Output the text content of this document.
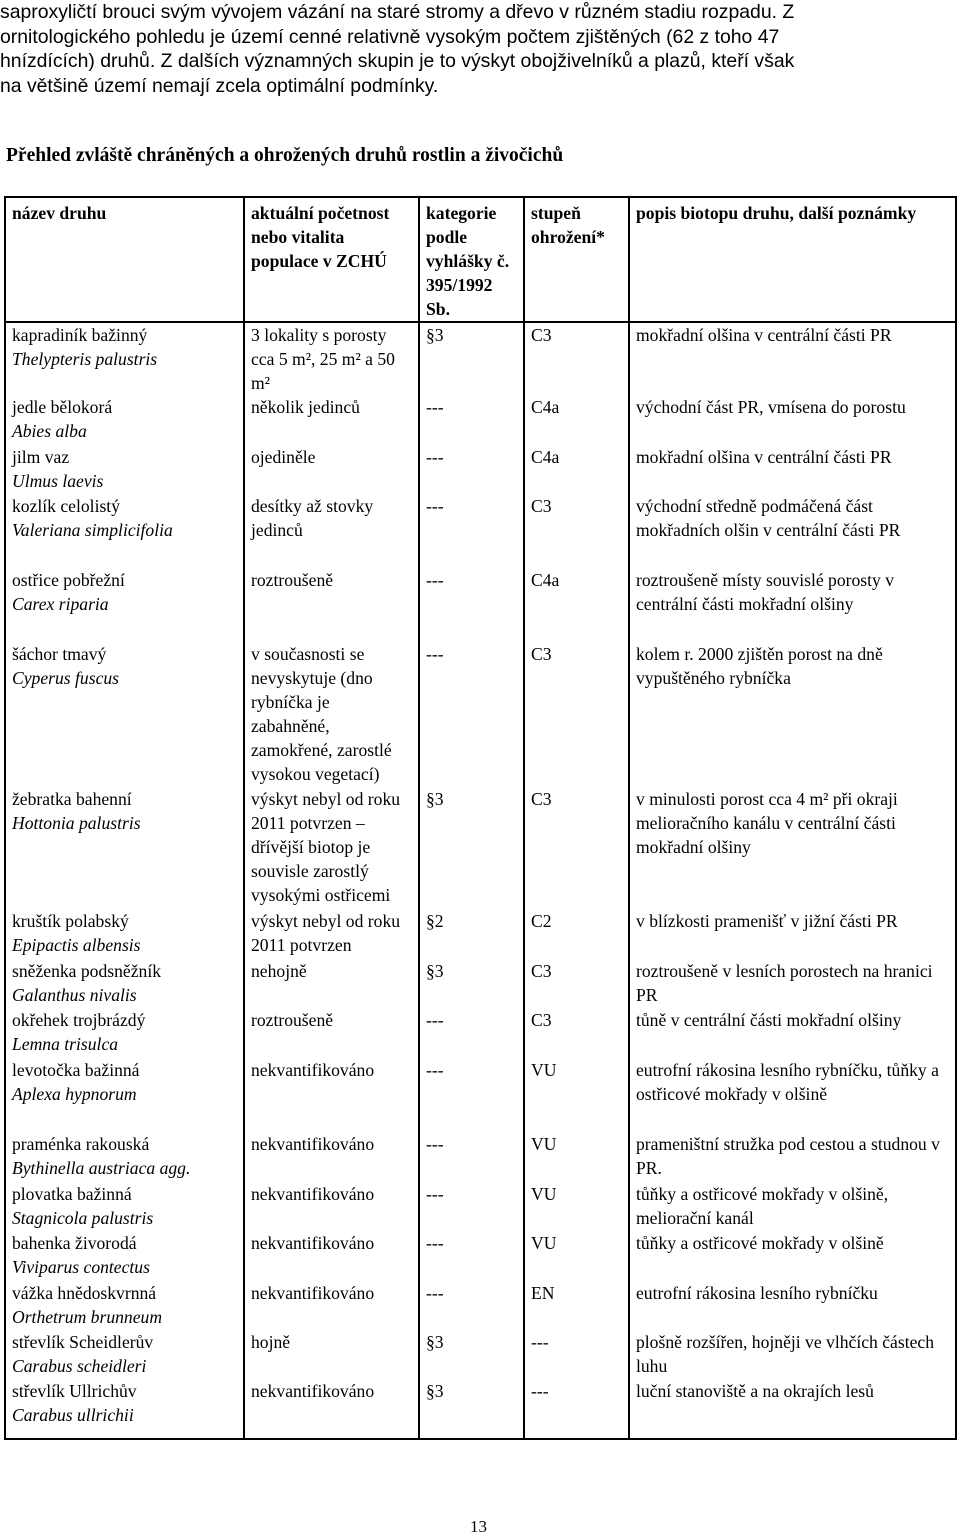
saproxyličtí brouci svým vývojem vázání na staré stromy a dřevo v různém stadiu rozpadu. Z
ornitologického pohledu je území cenné relativně vysokým počtem zjištěných (62 z toho 47
hnízdících) druhů. Z dalších významných skupin je to výskyt obojživelníků a plazů, kteří však
na většině území nemají zcela optimální podmínky.
Přehled zvláště chráněných a ohrožených druhů rostlin a živočichů
název druhu	aktuální početnost nebo vitalita populace v ZCHÚ	kategorie podle vyhlášky č. 395/1992 Sb.	stupeň ohrožení*	popis biotopu druhu, další poznámky

kapradiník bažinný
Thelypteris palustris	3 lokality s porosty cca 5 m², 25 m² a 50 m²	§3	C3	mokřadní olšina v centrální části PR

jedle bělokorá
Abies alba	několik jedinců	---	C4a	východní část PR, vmísena do porostu

jilm vaz
Ulmus laevis	ojediněle	---	C4a	mokřadní olšina v centrální části PR

kozlík celolistý
Valeriana simplicifolia	desítky až stovky jedinců	---	C3	východní středně podmáčená část mokřadních olšin v centrální části PR

ostřice pobřežní
Carex riparia	roztroušeně	---	C4a	roztroušeně místy souvislé porosty v centrální části mokřadní olšiny

šáchor tmavý
Cyperus fuscus	v současnosti se nevyskytuje (dno rybníčka je zabahněné, zamokřené, zarostlé vysokou vegetací)	---	C3	kolem r. 2000 zjištěn porost na dně vypuštěného rybníčka

žebratka bahenní
Hottonia palustris	výskyt nebyl od roku 2011 potvrzen – dřívější biotop je souvisle zarostlý vysokými ostřicemi	§3	C3	v minulosti porost cca 4 m² při okraji melioračního kanálu v centrální části mokřadní olšiny

kruštík polabský
Epipactis albensis	výskyt nebyl od roku 2011 potvrzen	§2	C2	v blízkosti pramenišť v jižní části PR

sněženka podsněžník
Galanthus nivalis	nehojně	§3	C3	roztroušeně v lesních porostech na hranici PR

okřehek trojbrázdý
Lemna trisulca	roztroušeně	---	C3	tůně v centrální části mokřadní olšiny

levotočka bažinná
Aplexa hypnorum	nekvantifikováno	---	VU	eutrofní rákosina lesního rybníčku, tůňky a ostřicové mokřady v olšině

praménka rakouská
Bythinella austriaca agg.	nekvantifikováno	---	VU	prameništní stružka pod cestou a studnou v PR.

plovatka bažinná
Stagnicola palustris	nekvantifikováno	---	VU	tůňky a ostřicové mokřady v olšině, meliorační kanál

bahenka živorodá
Viviparus contectus	nekvantifikováno	---	VU	tůňky a ostřicové mokřady v olšině

vážka hnědoskvrnná
Orthetrum brunneum	nekvantifikováno	---	EN	eutrofní rákosina lesního rybníčku

střevlík Scheidlerův
Carabus scheidleri	hojně	§3	---	plošně rozšířen, hojněji ve vlhčích částech luhu

střevlík Ullrichův
Carabus ullrichii	nekvantifikováno	§3	---	luční stanoviště a na okrajích lesů
13
